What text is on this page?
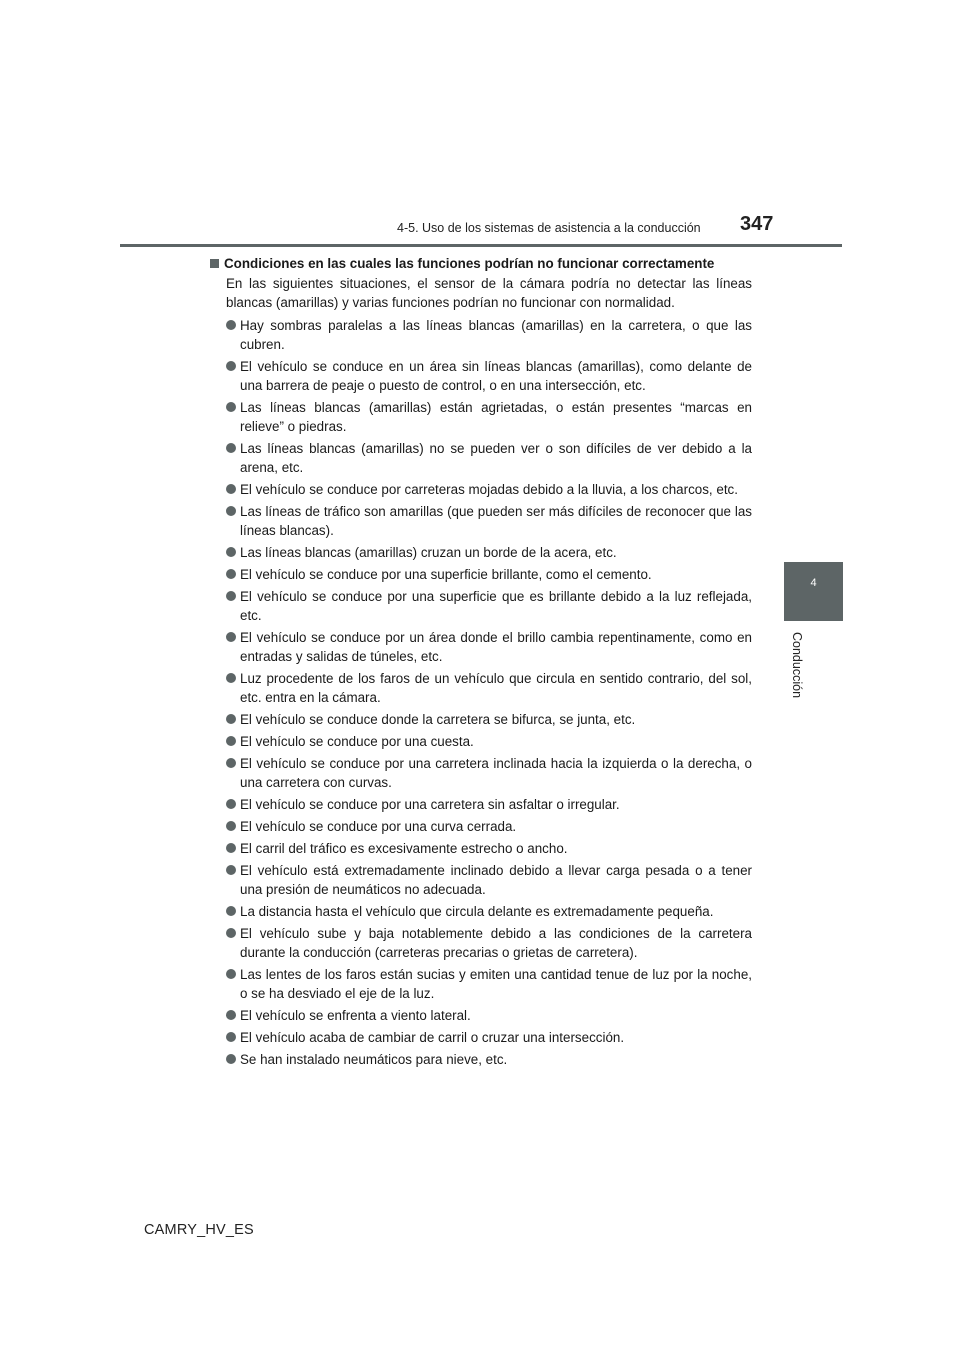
4-5. Uso de los sistemas de asistencia a la conducción 347
4
Conducción
Condiciones en las cuales las funciones podrían no funcionar correctamente
En las siguientes situaciones, el sensor de la cámara podría no detectar las líneas blancas (amarillas) y varias funciones podrían no funcionar con normalidad.
Hay sombras paralelas a las líneas blancas (amarillas) en la carretera, o que las cubren.
El vehículo se conduce en un área sin líneas blancas (amarillas), como delante de una barrera de peaje o puesto de control, o en una intersección, etc.
Las líneas blancas (amarillas) están agrietadas, o están presentes “marcas en relieve” o piedras.
Las líneas blancas (amarillas) no se pueden ver o son difíciles de ver debido a la arena, etc.
El vehículo se conduce por carreteras mojadas debido a la lluvia, a los charcos, etc.
Las líneas de tráfico son amarillas (que pueden ser más difíciles de reconocer que las líneas blancas).
Las líneas blancas (amarillas) cruzan un borde de la acera, etc.
El vehículo se conduce por una superficie brillante, como el cemento.
El vehículo se conduce por una superficie que es brillante debido a la luz reflejada, etc.
El vehículo se conduce por un área donde el brillo cambia repentinamente, como en entradas y salidas de túneles, etc.
Luz procedente de los faros de un vehículo que circula en sentido contrario, del sol, etc. entra en la cámara.
El vehículo se conduce donde la carretera se bifurca, se junta, etc.
El vehículo se conduce por una cuesta.
El vehículo se conduce por una carretera inclinada hacia la izquierda o la derecha, o una carretera con curvas.
El vehículo se conduce por una carretera sin asfaltar o irregular.
El vehículo se conduce por una curva cerrada.
El carril del tráfico es excesivamente estrecho o ancho.
El vehículo está extremadamente inclinado debido a llevar carga pesada o a tener una presión de neumáticos no adecuada.
La distancia hasta el vehículo que circula delante es extremadamente pequeña.
El vehículo sube y baja notablemente debido a las condiciones de la carretera durante la conducción (carreteras precarias o grietas de carretera).
Las lentes de los faros están sucias y emiten una cantidad tenue de luz por la noche, o se ha desviado el eje de la luz.
El vehículo se enfrenta a viento lateral.
El vehículo acaba de cambiar de carril o cruzar una intersección.
Se han instalado neumáticos para nieve, etc.
CAMRY_HV_ES
